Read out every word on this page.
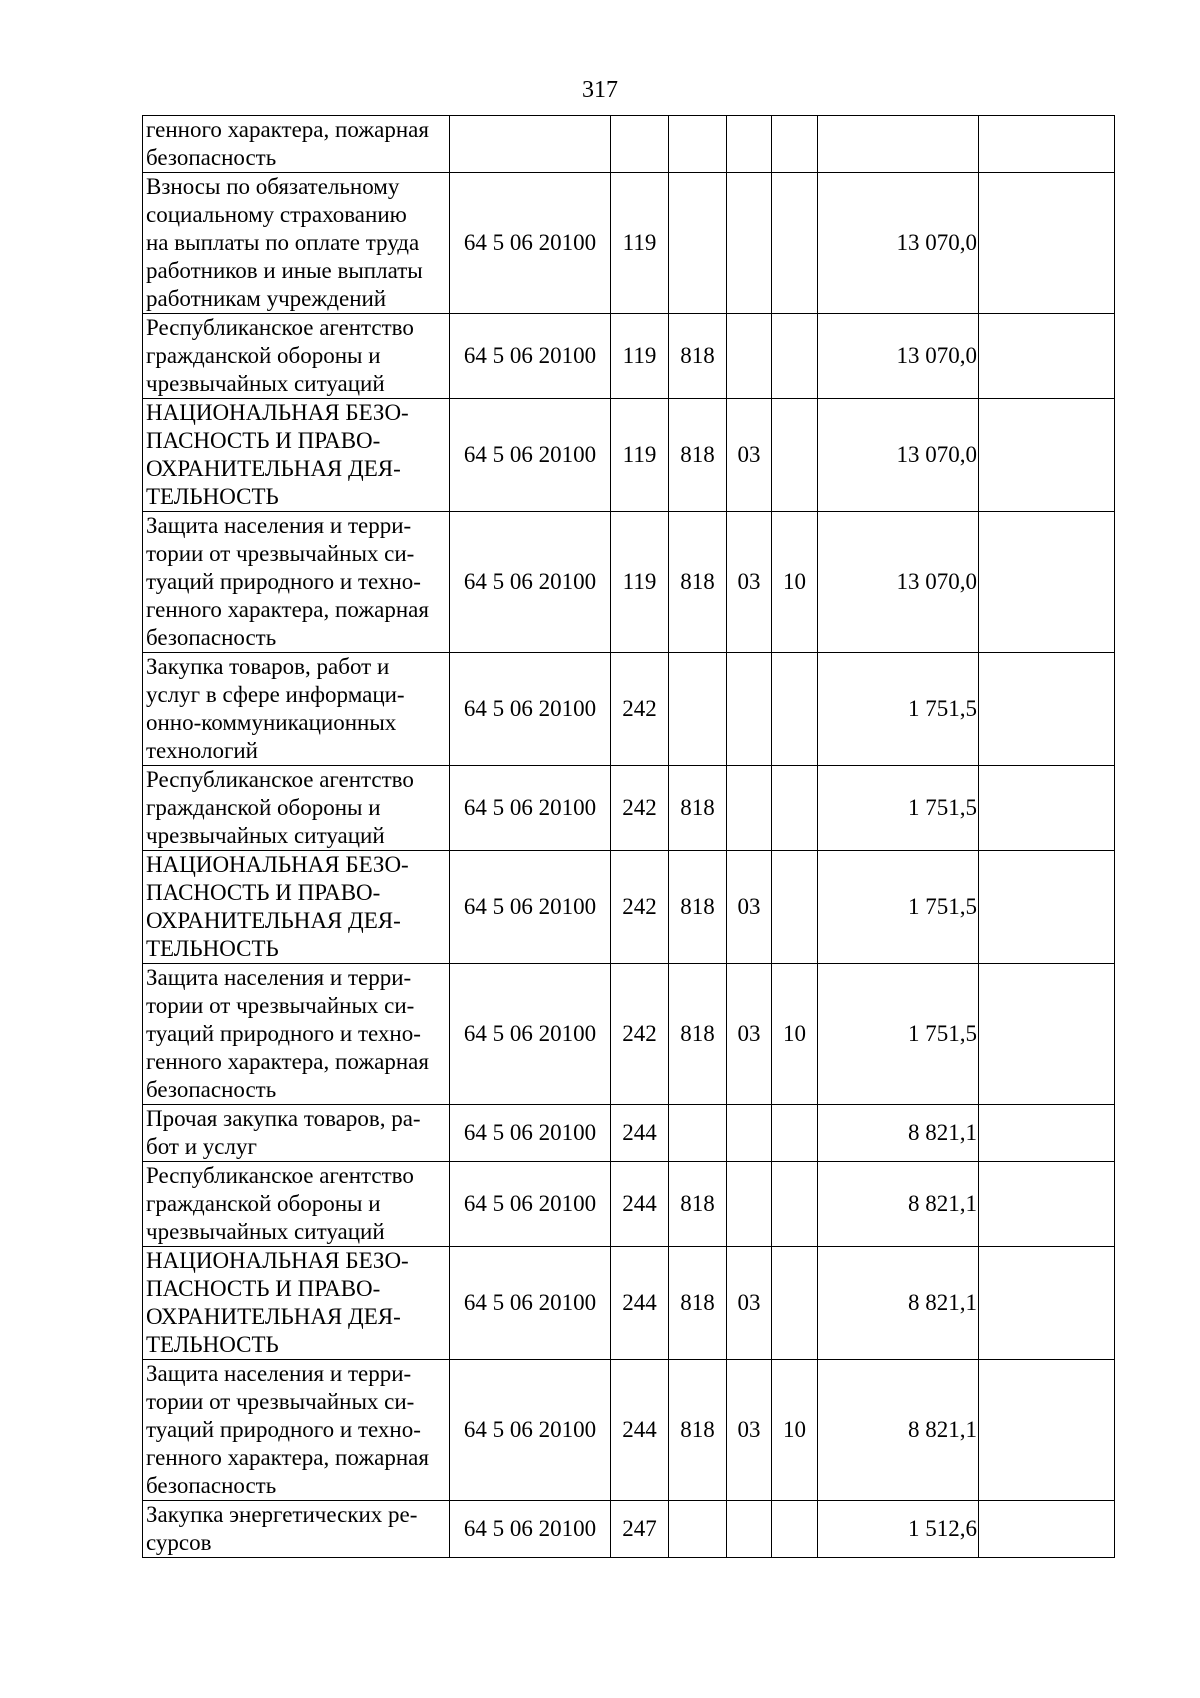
317
генного характера, пожарная
безопасность							

Взносы по обязательному
социальному страхованию
на выплаты по оплате труда
работников и иные выплаты
работникам учреждений	64 5 06 20100	119				13 070,0	

Республиканское агентство
гражданской обороны и
чрезвычайных ситуаций	64 5 06 20100	119	818			13 070,0	

НАЦИОНАЛЬНАЯ БЕЗО-
ПАСНОСТЬ И ПРАВО-
ОХРАНИТЕЛЬНАЯ ДЕЯ-
ТЕЛЬНОСТЬ	64 5 06 20100	119	818	03		13 070,0	

Защита населения и терри-
тории от чрезвычайных си-
туаций природного и техно-
генного характера, пожарная
безопасность	64 5 06 20100	119	818	03	10	13 070,0	

Закупка товаров, работ и
услуг в сфере информаци-
онно-коммуникационных
технологий	64 5 06 20100	242				1 751,5	

Республиканское агентство
гражданской обороны и
чрезвычайных ситуаций	64 5 06 20100	242	818			1 751,5	

НАЦИОНАЛЬНАЯ БЕЗО-
ПАСНОСТЬ И ПРАВО-
ОХРАНИТЕЛЬНАЯ ДЕЯ-
ТЕЛЬНОСТЬ	64 5 06 20100	242	818	03		1 751,5	

Защита населения и терри-
тории от чрезвычайных си-
туаций природного и техно-
генного характера, пожарная
безопасность	64 5 06 20100	242	818	03	10	1 751,5	

Прочая закупка товаров, ра-
бот и услуг	64 5 06 20100	244				8 821,1	

Республиканское агентство
гражданской обороны и
чрезвычайных ситуаций	64 5 06 20100	244	818			8 821,1	

НАЦИОНАЛЬНАЯ БЕЗО-
ПАСНОСТЬ И ПРАВО-
ОХРАНИТЕЛЬНАЯ ДЕЯ-
ТЕЛЬНОСТЬ	64 5 06 20100	244	818	03		8 821,1	

Защита населения и терри-
тории от чрезвычайных си-
туаций природного и техно-
генного характера, пожарная
безопасность	64 5 06 20100	244	818	03	10	8 821,1	

Закупка энергетических ре-
сурсов	64 5 06 20100	247				1 512,6	
